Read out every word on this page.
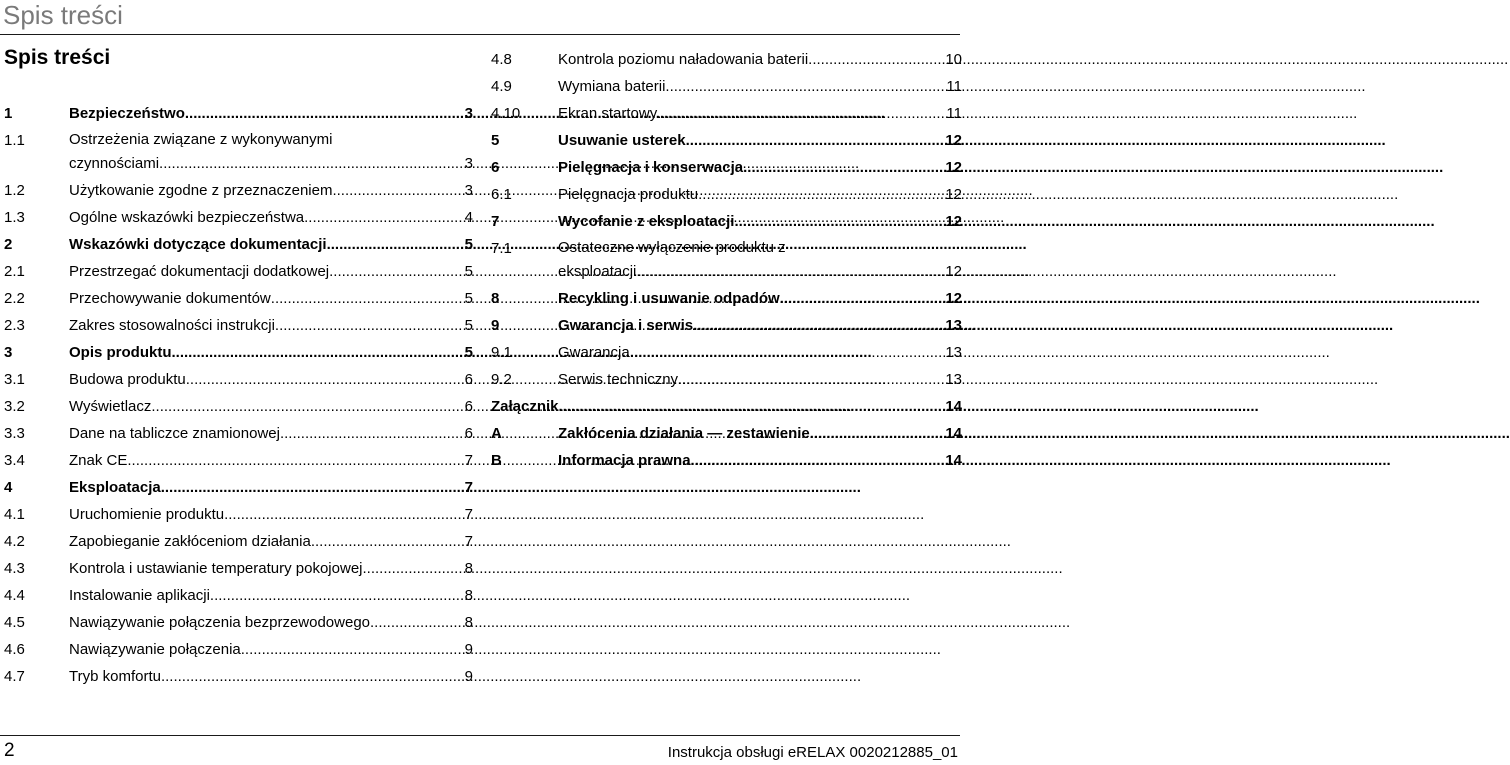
Spis treści
Spis treści
1	Bezpieczeństwo .....	3
1.1	Ostrzeżenia związane z wykonywanymi
czynnościami .....	3
1.2	Użytkowanie zgodne z przeznaczeniem .....	3
1.3	Ogólne wskazówki bezpieczeństwa .....	4
2	Wskazówki dotyczące dokumentacji .....	5
2.1	Przestrzegać dokumentacji dodatkowej .....	5
2.2	Przechowywanie dokumentów .....	5
2.3	Zakres stosowalności instrukcji .....	5
3	Opis produktu .....	5
3.1	Budowa produktu .....	6
3.2	Wyświetlacz .....	6
3.3	Dane na tabliczce znamionowej .....	6
3.4	Znak CE .....	7
4	Eksploatacja .....	7
4.1	Uruchomienie produktu .....	7
4.2	Zapobieganie zakłóceniom działania .....	7
4.3	Kontrola i ustawianie temperatury pokojowej .....	8
4.4	Instalowanie aplikacji .....	8
4.5	Nawiązywanie połączenia bezprzewodowego .....	8
4.6	Nawiązywanie połączenia .....	9
4.7	Tryb komfortu .....	9
4.8	Kontrola poziomu naładowania baterii .....	10
4.9	Wymiana baterii .....	11
4.10	Ekran startowy .....	11
5	Usuwanie usterek .....	12
6	Pielęgnacja i konserwacja .....	12
6.1	Pielęgnacja produktu .....	12
7	Wycofanie z eksploatacji .....	12
7.1	Ostateczne wyłączenie produktu z
eksploatacji .....	12
8	Recykling i usuwanie odpadów .....	12
9	Gwarancja i serwis .....	13
9.1	Gwarancja .....	13
9.2	Serwis techniczny .....	13
Załącznik .....	14
A	Zakłócenia działania — zestawienie .....	14
B	Informacja prawna .....	14
2	Instrukcja obsługi eRELAX 0020212885_01
